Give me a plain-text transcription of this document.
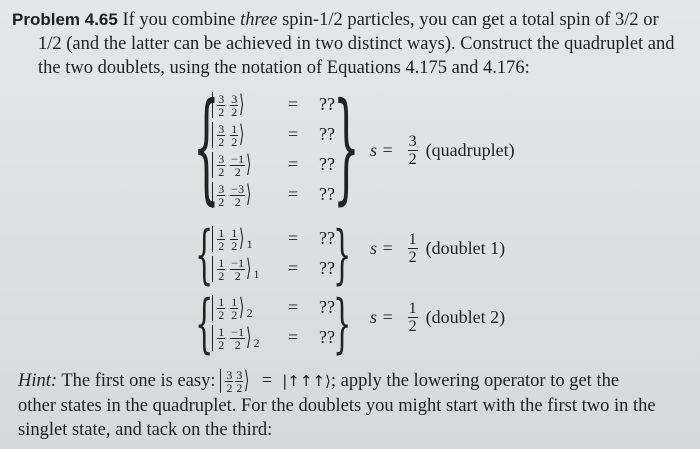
Problem 4.65 If you combine three spin-1/2 particles, you can get a total spin of 3/2 or
1/2 (and the latter can be achieved in two distinct ways). Construct the quadruplet and
the two doublets, using the notation of Equations 4.175 and 4.176:
$\frac{3}{2} \frac{3}{2}$ ⟩ = ??
$\frac{3}{2} \frac{1}{2}$ ⟩ = ??
$\frac{3}{2} \frac{-1}{2}$ ⟩ = ??
$\frac{3}{2} \frac{-3}{2}$ ⟩ = ??
{ } $s = \frac{3}{2}$ (quadruplet)
$\frac{1}{2} \frac{1}{2}$ ⟩ 1 = ??
$\frac{1}{2} \frac{-1}{2}$ ⟩ 1 = ??
{ } $s = \frac{1}{2}$ (doublet 1)
$\frac{1}{2} \frac{1}{2}$ ⟩ 2 = ??
$\frac{1}{2} \frac{-1}{2}$ ⟩ 2 = ??
{ } $s = \frac{1}{2}$ (doublet 2)
Hint: The first one is easy: $\frac{3}{2} \frac{3}{2}$ ⟩ = |↑↑↑⟩ ; apply the lowering operator to get the
other states in the quadruplet. For the doublets you might start with the first two in the
singlet state, and tack on the third:
